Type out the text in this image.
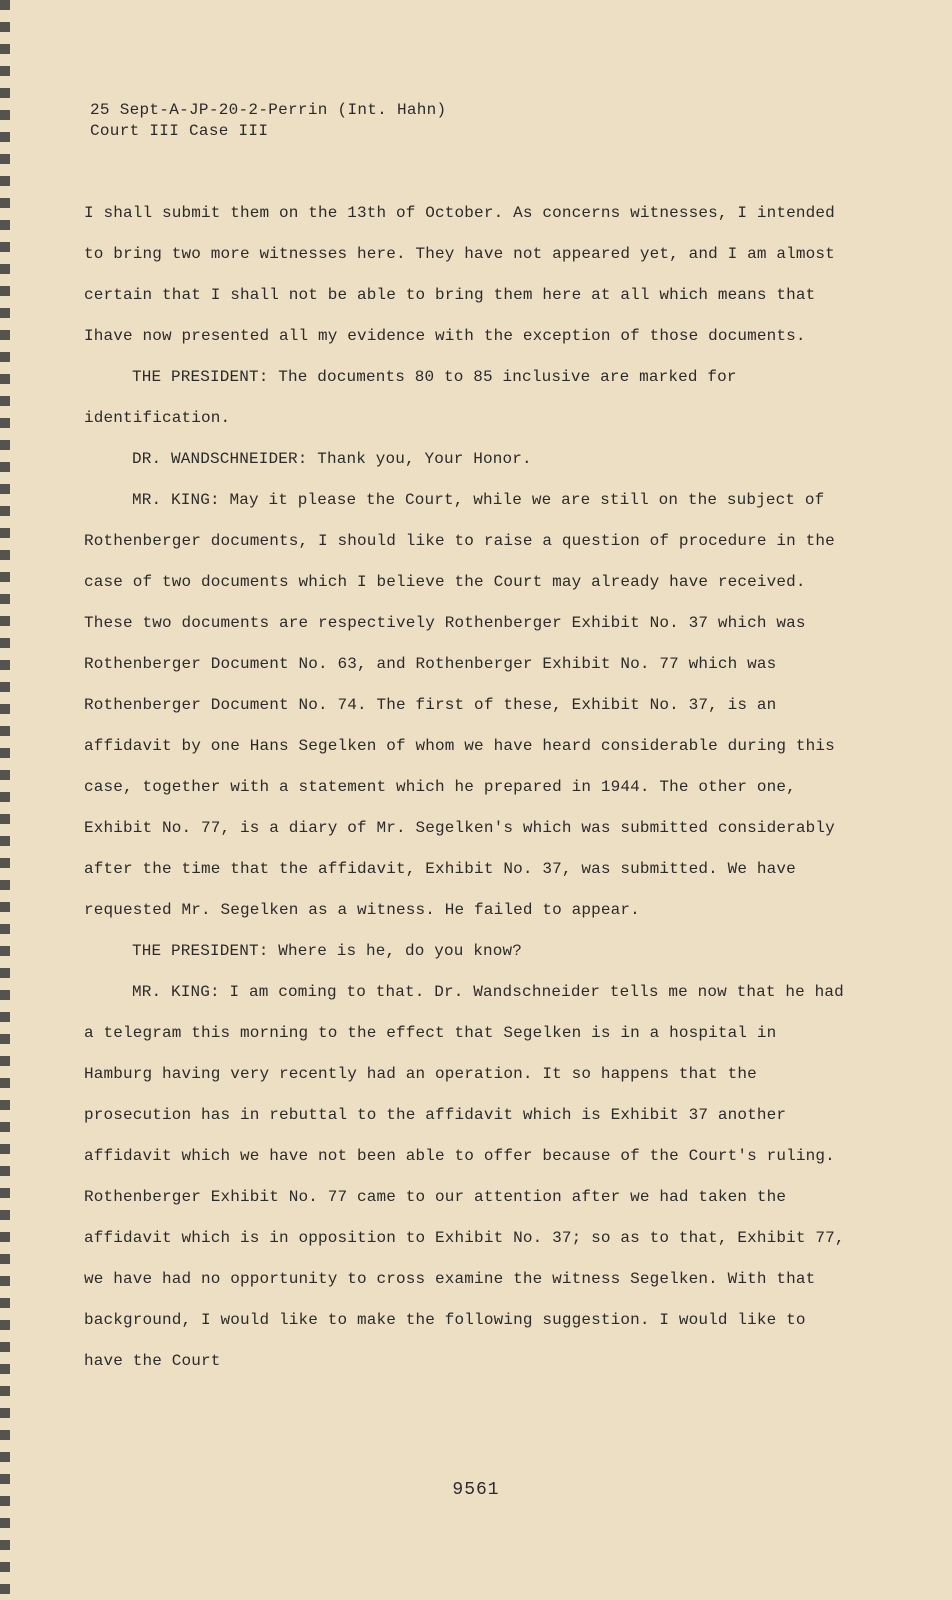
25 Sept-A-JP-20-2-Perrin (Int. Hahn)
Court III Case III

I shall submit them on the 13th of October. As concerns witnesses, I intended to bring two more witnesses here. They have not appeared yet, and I am almost certain that I shall not be able to bring them here at all which means that Ihave now presented all my evidence with the exception of those documents.

THE PRESIDENT: The documents 80 to 85 inclusive are marked for identification.

DR. WANDSCHNEIDER: Thank you, Your Honor.

MR. KING: May it please the Court, while we are still on the subject of Rothenberger documents, I should like to raise a question of procedure in the case of two documents which I believe the Court may already have received. These two documents are respectively Rothenberger Exhibit No. 37 which was Rothenberger Document No. 63, and Rothenberger Exhibit No. 77 which was Rothenberger Document No. 74. The first of these, Exhibit No. 37, is an affidavit by one Hans Segelken of whom we have heard considerable during this case, together with a statement which he prepared in 1944. The other one, Exhibit No. 77, is a diary of Mr. Segelken's which was submitted considerably after the time that the affidavit, Exhibit No. 37, was submitted. We have requested Mr. Segelken as a witness. He failed to appear.

THE PRESIDENT: Where is he, do you know?

MR. KING: I am coming to that. Dr. Wandschneider tells me now that he had a telegram this morning to the effect that Segelken is in a hospital in Hamburg having very recently had an operation. It so happens that the prosecution has in rebuttal to the affidavit which is Exhibit 37 another affidavit which we have not been able to offer because of the Court's ruling. Rothenberger Exhibit No. 77 came to our attention after we had taken the affidavit which is in opposition to Exhibit No. 37; so as to that, Exhibit 77, we have had no opportunity to cross examine the witness Segelken. With that background, I would like to make the following suggestion. I would like to have the Court

9561
